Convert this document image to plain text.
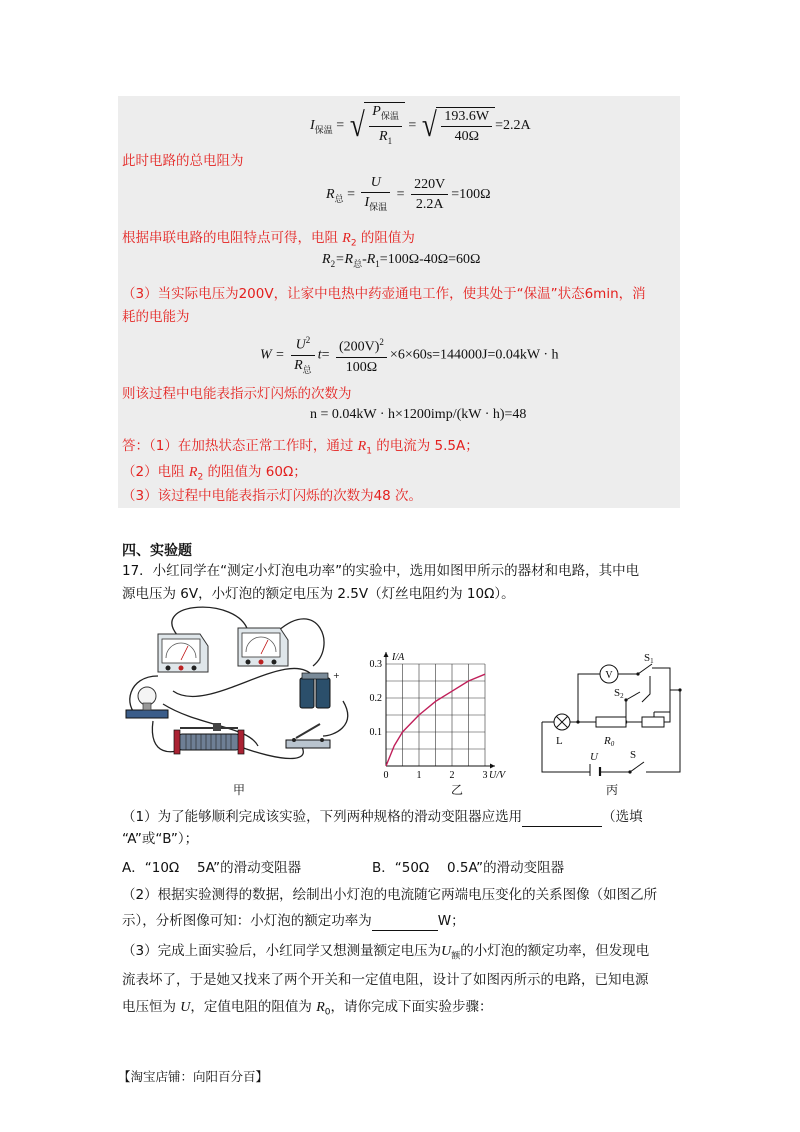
$I_{保温}$ = √ $\frac{P_{保温}}{R_1}$ = √ $\frac{193.6W}{40\Omega} =2.2A$
此时电路的总电阻为
$R_总 = \frac{U}{I_{保温}} = \frac{220V}{2.2A} =100\Omega$
根据串联电路的电阻特点可得，电阻 $R_2$ 的阻值为
$R_2=R_总-R_1=100\Omega-40\Omega=60\Omega$
（3）当实际电压为200V，让家中电热中药壶通电工作，使其处于“保温”状态6min，消
耗的电能为
$W = \frac{U^2}{R_总} t= \frac{(200V)^2}{100\Omega} \times 6\times 60s=144000J=0.04kW \cdot h$
则该过程中电能表指示灯闪烁的次数为
n = 0.04kW · h×1200imp/(kW · h)=48
答：（1）在加热状态正常工作时，通过 $R_1$ 的电流为 5.5A；
（2）电阻 $R_2$ 的阻值为 60Ω；
（3）该过程中电能表指示灯闪烁的次数为48 次。
四、实验题
17．小红同学在“测定小灯泡电功率”的实验中，选用如图甲所示的器材和电路，其中电
源电压为 6V，小灯泡的额定电压为 2.5V（灯丝电阻约为 10Ω）。
+
甲
0	1	2	3
0.1
0.2
0.3
U/V
I/A
乙
V
S1
S2
L	R0
U	S
丙
（1）为了能够顺利完成该实验，下列两种规格的滑动变阻器应选用	（选填
“A”或“B”）；
A．“10Ω　 5A”的滑动变阻器	B．“50Ω　 0.5A”的滑动变阻器
（2）根据实验测得的数据，绘制出小灯泡的电流随它两端电压变化的关系图像（如图乙所
示），分析图像可知：小灯泡的额定功率为	W；
（3）完成上面实验后，小红同学又想测量额定电压为$U_额$的小灯泡的额定功率，但发现电
流表坏了，于是她又找来了两个开关和一定值电阻，设计了如图丙所示的电路，已知电源
电压恒为 U，定值电阻的阻值为 $R_0$，请你完成下面实验步骤：
【淘宝店铺：向阳百分百】
